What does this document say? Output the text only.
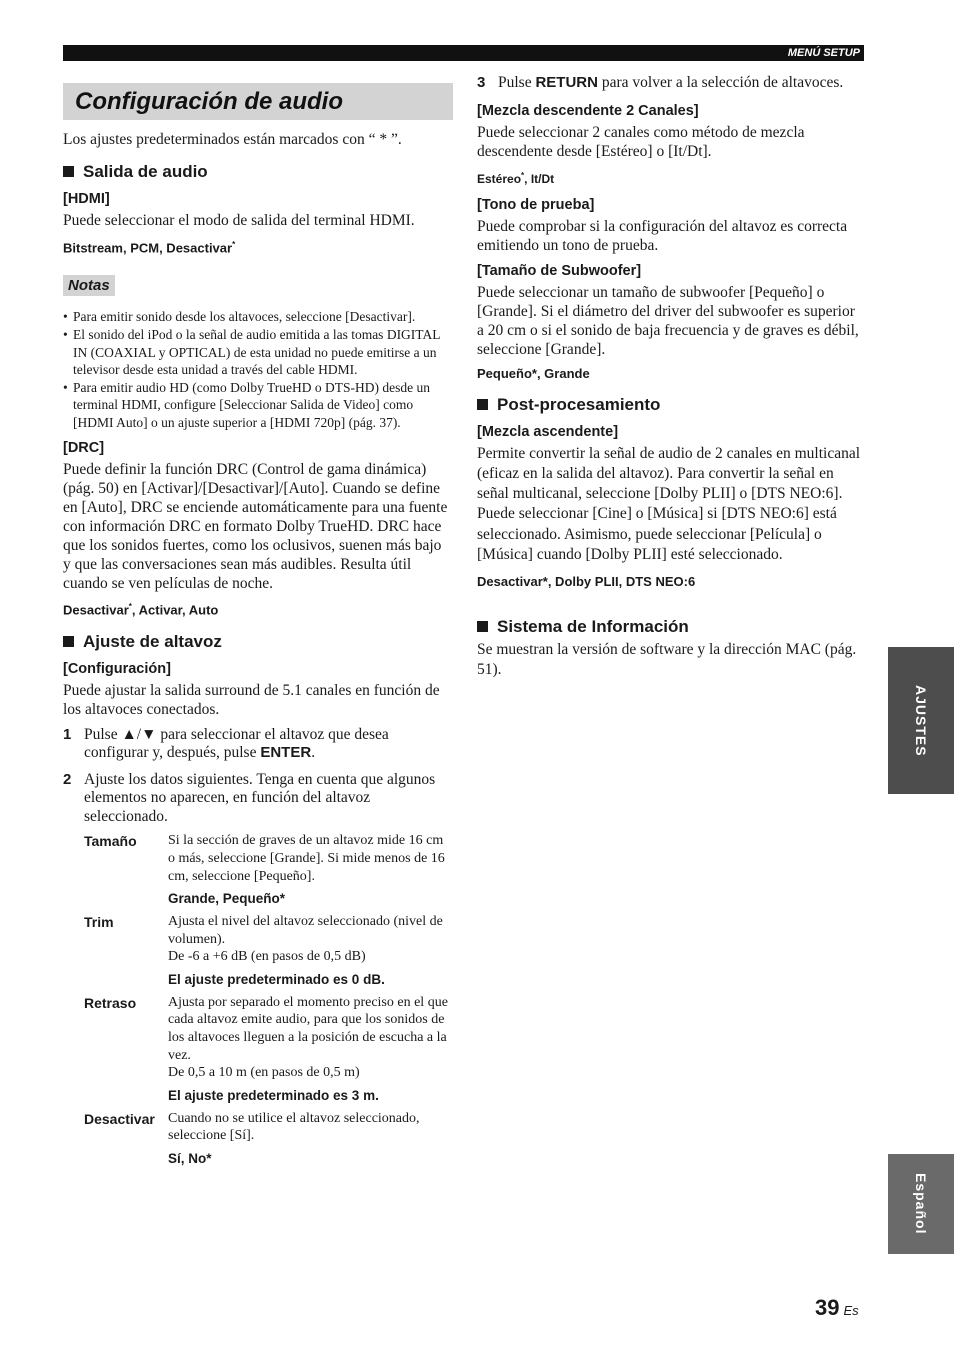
MENÚ SETUP
Configuración de audio

Los ajustes predeterminados están marcados con “ * ”.

Salida de audio
[HDMI]

Puede seleccionar el modo de salida del terminal HDMI.

Bitstream, PCM, Desactivar*
Notas
• Para emitir sonido desde los altavoces, seleccione [Desactivar].
• El sonido del iPod o la señal de audio emitida a las tomas DIGITAL IN (COAXIAL y OPTICAL) de esta unidad no puede emitirse a un televisor desde esta unidad a través del cable HDMI.
• Para emitir audio HD (como Dolby TrueHD o DTS-HD) desde un terminal HDMI, configure [Seleccionar Salida de Video] como [HDMI Auto] o un ajuste superior a [HDMI 720p] (pág. 37).
[DRC]

Puede definir la función DRC (Control de gama dinámica) (pág. 50) en [Activar]/[Desactivar]/[Auto]. Cuando se define en [Auto], DRC se enciende automáticamente para una fuente con información DRC en formato Dolby TrueHD. DRC hace que los sonidos fuertes, como los oclusivos, suenen más bajo y que las conversaciones sean más audibles. Resulta útil cuando se ven películas de noche.

Desactivar*, Activar, Auto
Ajuste de altavoz
[Configuración]

Puede ajustar la salida surround de 5.1 canales en función de los altavoces conectados.

1 Pulse ▲/▼ para seleccionar el altavoz que desea configurar y, después, pulse ENTER.
2 Ajuste los datos siguientes. Tenga en cuenta que algunos elementos no aparecen, en función del altavoz seleccionado.
Tamaño	Si la sección de graves de un altavoz mide 16 cm o más, seleccione [Grande]. Si mide menos de 16 cm, seleccione [Pequeño].
Grande, Pequeño*
Trim	Ajusta el nivel del altavoz seleccionado (nivel de volumen).
De -6 a +6 dB (en pasos de 0,5 dB)
El ajuste predeterminado es 0 dB.
Retraso	Ajusta por separado el momento preciso en el que cada altavoz emite audio, para que los sonidos de los altavoces lleguen a la posición de escucha a la vez.
De 0,5 a 10 m (en pasos de 0,5 m)
El ajuste predeterminado es 3 m.
Desactivar Cuando no se utilice el altavoz seleccionado, seleccione [Sí].
Sí, No*
3 Pulse RETURN para volver a la selección de altavoces.
[Mezcla descendente 2 Canales]

Puede seleccionar 2 canales como método de mezcla descendente desde [Estéreo] o [It/Dt].

Estéreo*, It/Dt
[Tono de prueba]

Puede comprobar si la configuración del altavoz es correcta emitiendo un tono de prueba.

[Tamaño de Subwoofer]

Puede seleccionar un tamaño de subwoofer [Pequeño] o [Grande]. Si el diámetro del driver del subwoofer es superior a 20 cm o si el sonido de baja frecuencia y de graves es débil, seleccione [Grande].

Pequeño*, Grande
Post-procesamiento
[Mezcla ascendente]

Permite convertir la señal de audio de 2 canales en multicanal (eficaz en la salida del altavoz). Para convertir la señal en señal multicanal, seleccione [Dolby PLII] o [DTS NEO:6]. Puede seleccionar [Cine] o [Música] si [DTS NEO:6] está seleccionado. Asimismo, puede seleccionar [Película] o [Música] cuando [Dolby PLII] esté seleccionado.

Desactivar*, Dolby PLII, DTS NEO:6
Sistema de Información

Se muestran la versión de software y la dirección MAC (pág. 51).

AJUSTES
Español
39 Es
